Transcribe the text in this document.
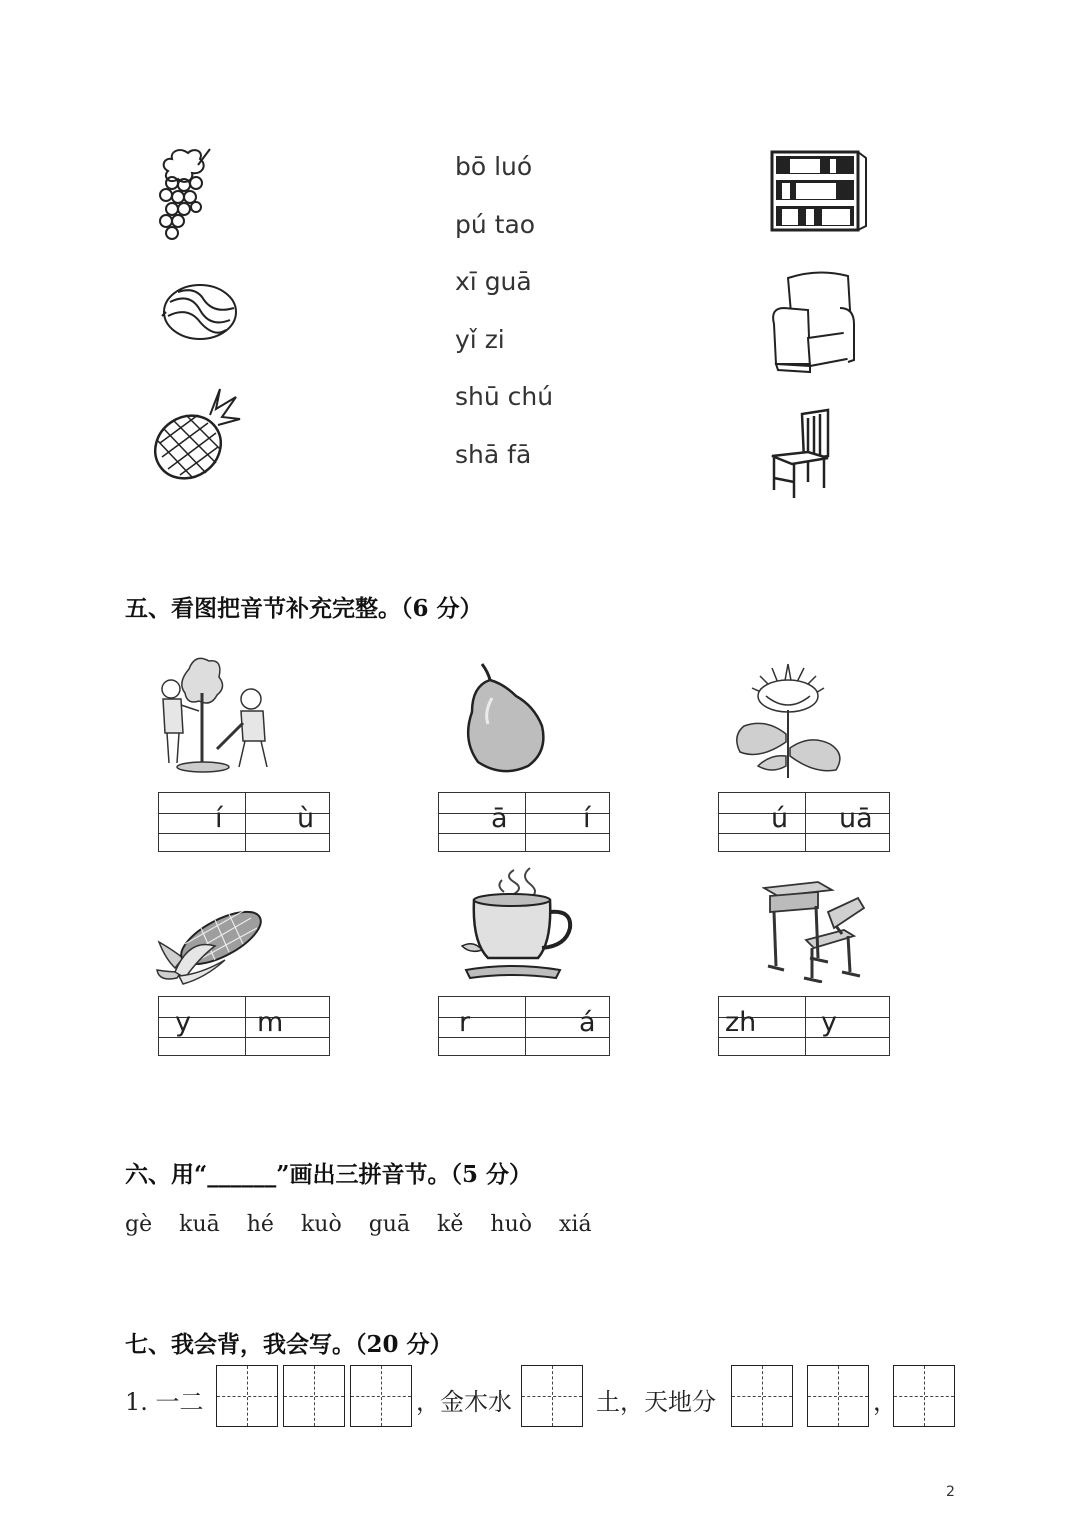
bō luó
pú tao
xī guā
yǐ zi
shū chú
shā fā
五、看图把音节补充完整。（6 分）
í	ù	ā	í	ú uā
y m	r	á	zh y
六、用“______”画出三拼音节。（5 分）
gè kuā hé kuò guā kě huò xiá
七、我会背，我会写。（20 分）
1. 一二	，金木水	土，天地分	，
2
